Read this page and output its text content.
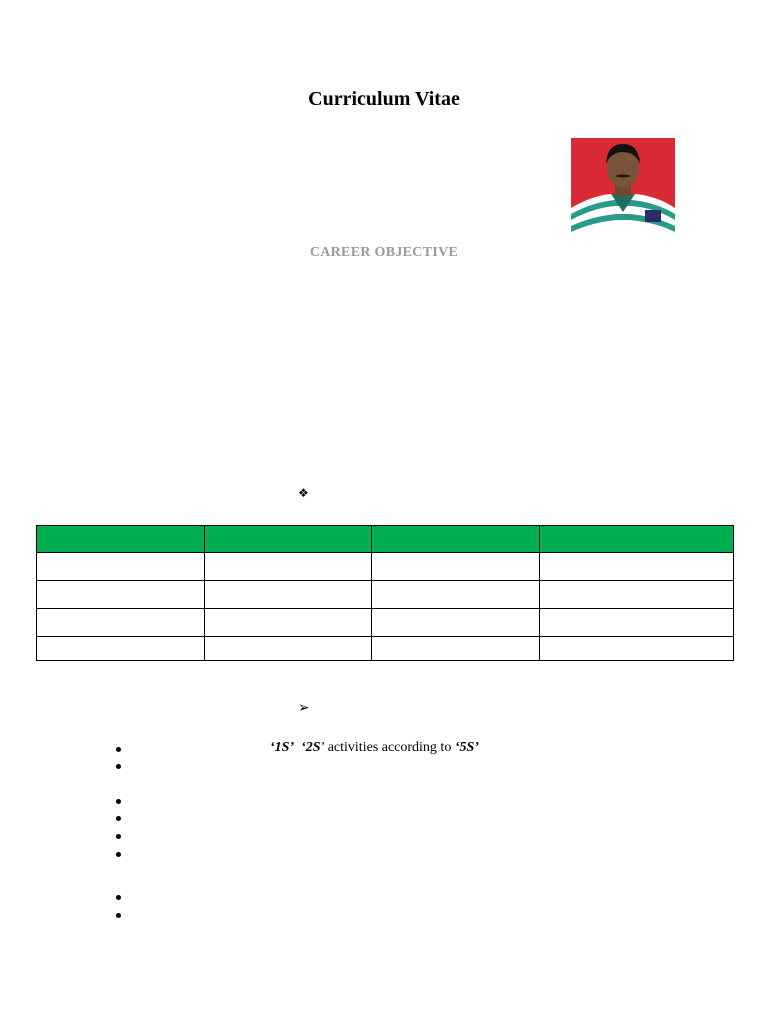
Curriculum Vitae
CAREER OBJECTIVE
❖

➢
‘1S’ ‘2S’ activities according to ‘5S’
